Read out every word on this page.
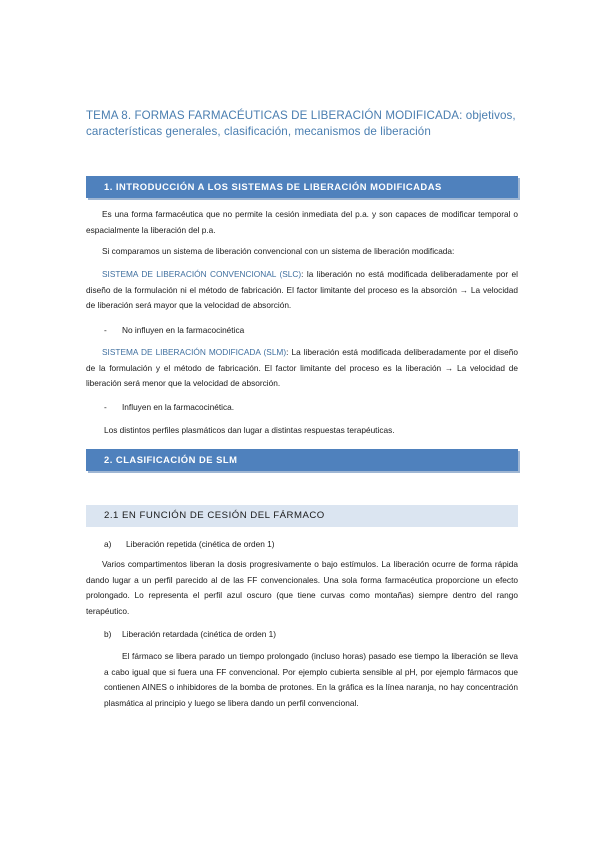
TEMA 8. FORMAS FARMACÉUTICAS DE LIBERACIÓN MODIFICADA: objetivos, características generales, clasificación, mecanismos de liberación
1. INTRODUCCIÓN A LOS SISTEMAS DE LIBERACIÓN MODIFICADAS
Es una forma farmacéutica que no permite la cesión inmediata del p.a. y son capaces de modificar temporal o espacialmente la liberación del p.a.
Si comparamos un sistema de liberación convencional con un sistema de liberación modificada:
SISTEMA DE LIBERACIÓN CONVENCIONAL (SLC): la liberación no está modificada deliberadamente por el diseño de la formulación ni el método de fabricación. El factor limitante del proceso es la absorción → La velocidad de liberación será mayor que la velocidad de absorción.
- No influyen en la farmacocinética
SISTEMA DE LIBERACIÓN MODIFICADA (SLM): La liberación está modificada deliberadamente por el diseño de la formulación y el método de fabricación. El factor limitante del proceso es la liberación → La velocidad de liberación será menor que la velocidad de absorción.
- Influyen en la farmacocinética.
Los distintos perfiles plasmáticos dan lugar a distintas respuestas terapéuticas.
2. CLASIFICACIÓN DE SLM
2.1 EN FUNCIÓN DE CESIÓN DEL FÁRMACO
a) Liberación repetida (cinética de orden 1)
Varios compartimentos liberan la dosis progresivamente o bajo estímulos. La liberación ocurre de forma rápida dando lugar a un perfil parecido al de las FF convencionales. Una sola forma farmacéutica proporcione un efecto prolongado. Lo representa el perfil azul oscuro (que tiene curvas como montañas) siempre dentro del rango terapéutico.
b) Liberación retardada (cinética de orden 1)
El fármaco se libera parado un tiempo prolongado (incluso horas) pasado ese tiempo la liberación se lleva a cabo igual que si fuera una FF convencional. Por ejemplo cubierta sensible al pH, por ejemplo fármacos que contienen AINES o inhibidores de la bomba de protones. En la gráfica es la línea naranja, no hay concentración plasmática al principio y luego se libera dando un perfil convencional.
